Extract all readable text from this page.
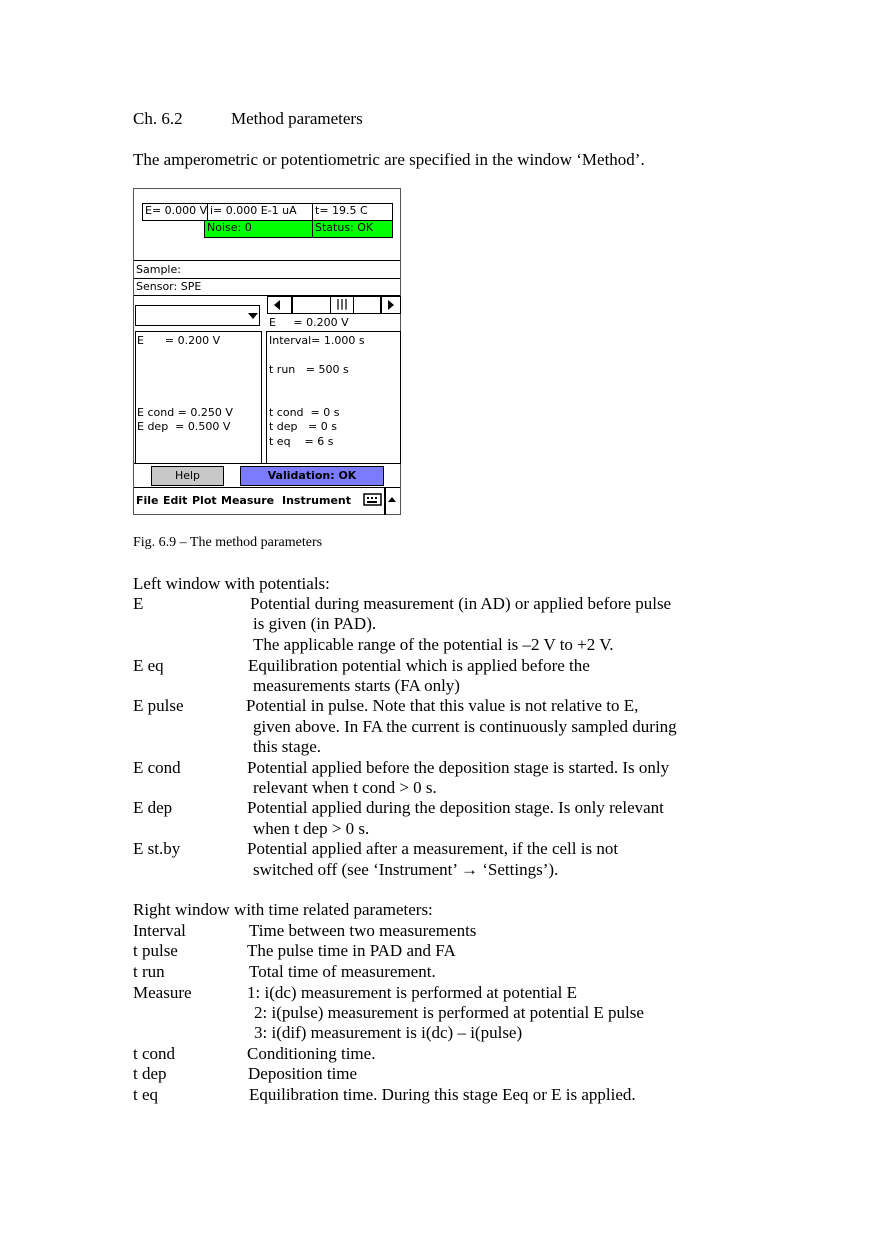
Ch. 6.2	Method parameters
The amperometric or potentiometric are specified in the window ‘Method’.
E= 0.000 V i= 0.000 E-1 uA	t= 19.5 C
Noise: 0	Status: OK
Sample:
Sensor: SPE

|||

E     = 0.200 V

E      = 0.200 V

E cond = 0.250 V

E dep  = 0.500 V

Interval= 1.000 s

t run   = 500 s

t cond  = 0 s

t dep   = 0 s

t eq    = 6 s

Help	Validation: OK
File Edit Plot Measure Instrument
Fig. 6.9 – The method parameters
Left window with potentials:
E	Potential during measurement (in AD) or applied before pulse
is given (in PAD).
The applicable range of the potential is –2 V to +2 V.
E eq	Equilibration potential which is applied before the
measurements starts (FA only)
E pulse	Potential in pulse. Note that this value is not relative to E,
given above. In FA the current is continuously sampled during
this stage.
E cond	Potential applied before the deposition stage is started. Is only
relevant when t cond > 0 s.
E dep	Potential applied during the deposition stage. Is only relevant
when t dep > 0 s.
E st.by	Potential applied after a measurement, if the cell is not
switched off (see ‘Instrument’ → ‘Settings’).
Right window with time related parameters:
Interval	Time between two measurements
t pulse	The pulse time in PAD and FA
t run	Total time of measurement.
Measure	1: i(dc) measurement is performed at potential E
2: i(pulse) measurement is performed at potential E pulse
3: i(dif) measurement is i(dc) – i(pulse)
t cond	Conditioning time.
t dep	Deposition time
t eq	Equilibration time. During this stage Eeq or E is applied.
